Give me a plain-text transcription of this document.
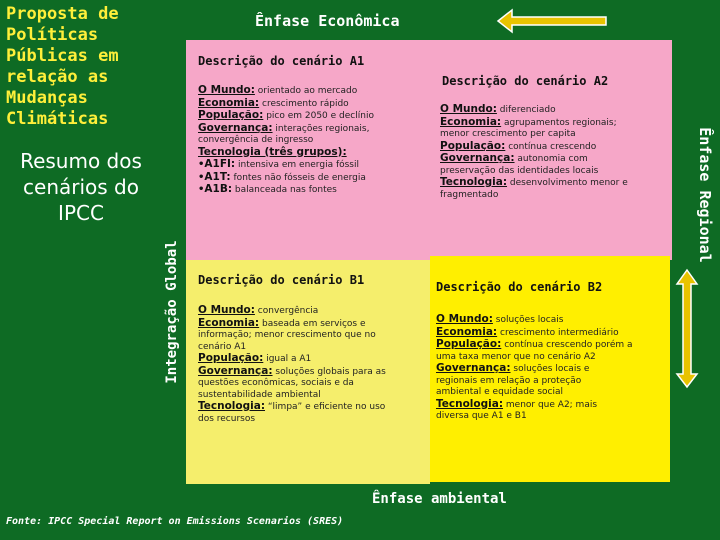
Proposta de Políticas Públicas em relação as Mudanças Climáticas
Resumo dos cenários do IPCC
Ênfase Econômica
Ênfase ambiental
Ênfase Regional
Integração Global
Descrição do cenário A1
O Mundo: orientado ao mercado
Economia: crescimento rápido
População: pico em 2050 e declínio
Governança: interações regionais,
convergência de ingresso
Tecnologia (três grupos):
•A1FI: intensiva em energia fóssil
•A1T: fontes não fósseis de energia
•A1B: balanceada nas fontes
Descrição do cenário A2
O Mundo: diferenciado
Economia: agrupamentos regionais;
menor crescimento per capita
População: contínua crescendo
Governança: autonomia com
preservação das identidades locais
Tecnologia: desenvolvimento menor e
fragmentado
Descrição do cenário B1
O Mundo: convergência
Economia: baseada em serviços e
informação; menor crescimento que no
cenário A1
População: igual a A1
Governança: soluções globais para as
questões econômicas, sociais e da
sustentabilidade ambiental
Tecnologia: “limpa” e eficiente no uso
dos recursos
Descrição do cenário B2
O Mundo: soluções locais
Economia: crescimento intermediário
População: contínua crescendo porém a
uma taxa menor que no cenário A2
Governança: soluções locais e
regionais em relação a proteção
ambiental e equidade social
Tecnologia: menor que A2; mais
diversa que A1 e B1
Fonte: IPCC Special Report on Emissions Scenarios (SRES)
